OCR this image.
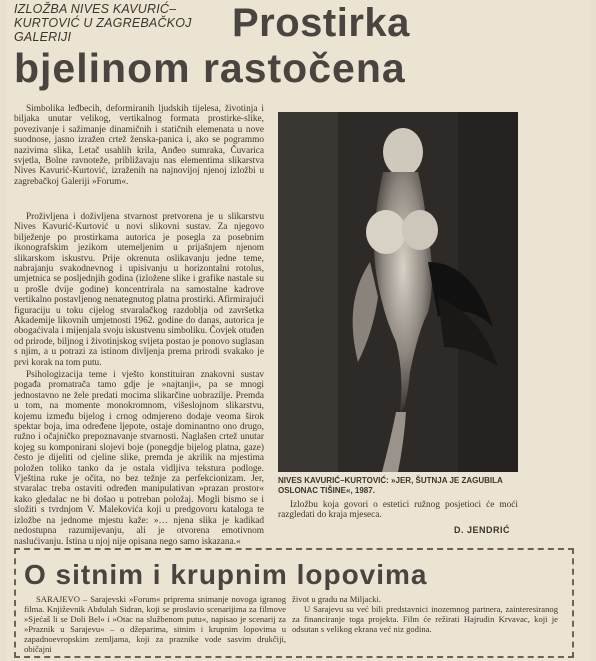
IZLOŽBA NIVES KAVURIĆ–KURTOVIĆ U ZAGREBAČKOJ GALERIJI	Prostirka
bjelinom rastočena

Simbolika leđbecih, deformiranih ljudskih tijelesa, životinja i biljaka unutar velikog, vertikalnog formata prostirke-slike, povezivanje i sažimanje dinamičnih i statičnih elemenata u nove suodnose, jasno izražen crtež ženska-panica i, ako se pogrammo nazivima slika, Letač usahlih krila, Anđeo sumraka, Čuvarica svjetla, Bolne ravnoteže, približavaju nas elementima slikarstva Nives Kavurić-Kurtović, izraženih na najnovijoj njenoj izložbi u zagrebačkoj Galeriji »Forum«.

Proživljena i doživljena stvarnost pretvorena je u slikarstvu Nives Kavurić-Kurtović u novi slikovni sustav. Za njegovo bilježenje po prostirkama autorica je posegla za posebnim ikonografskim jezikom utemeljenim u prijašnjem njenom slikarskom iskustvu. Prije okrenuta oslikavanju jedne teme, nabrajanju svakodnevnog i upisivanju u horizontalni rotolus, umjetnica se posljednjih godina (izložene slike i grafike nastale su u prošle dvije godine) koncentrirala na samostalne kadrove vertikalno postavljenog nenategnutog platna prostirki. Afirmirajući figuraciju u toku cijelog stvaralačkog razdoblja od završetka Akademije likovnih umjetnosti 1962. godine do danas, autorica je obogaćivala i mijenjala svoju iskustvenu simboliku. Čovjek otuđen od prirode, biljnog i životinjskog svijeta postao je ponovo suglasan s njim, a u potrazi za istinom divljenja prema prirodi svakako je prvi korak na tom putu.

Psihologizacija teme i vješto konstituiran znakovni sustav pogađa promatrača tamo gdje je »najtanji«, pa se mnogi jednostavno ne žele predati mocima slikarčine uobrazilje. Premda u tom, na momente monokromnom, višeslojnom slikarstvu, kojemu između bijelog i crnog odmjereno dodaje veoma širok spektar boja, ima određene ljepote, ostaje dominantno ono drugo, ružno i očajničko prepoznavanje stvarnosti. Naglašen crtež unutar kojeg su komponirani slojevi boje (ponegdje bijelog platna, gaze) često je dijeliti od cjeline slike, premda je akrilik na mjestima položen toliko tanko da je ostala vidljiva tekstura podloge. Vještina ruke je očita, no bez težnje za perfekcionizam. Jer, stvaralac treba ostaviti određen manipulativan »prazan prostor« kako gledalac ne bi došao u potreban položaj. Mogli bismo se i složiti s tvrdnjom V. Malekovića koji u predgovoru kataloga te izložbe na jednome mjestu kaže: »… njena slika je kadikad nedostupna razumijevanju, ali je otvorena emotivnom naslućivanju. Istina u njoj nije opisana nego samo iskazana.«

NIVES KAVURIĆ–KURTOVIĆ: »JER, ŠUTNJA JE ZAGUBILA OSLONAC TIŠINE«, 1987.

Izložbu koja govori o estetici ružnog posjetioci će moći razgledati do kraja mjeseca.

D. JENDRIĆ
O sitnim i krupnim lopovima

SARAJEVO – Sarajevski »Forum« priprema snimanje novoga igranog filma. Književnik Abdulah Sidran, koji se proslavio scenarijima za filmove »Sjećaš li se Doli Bel« i »Otac na službenom putu«, napisao je scenarij za »Praznik u Sarajevu« – o džeparima, sitnim i krupnim lopovima u zapadnoevropskim zemljama, koji za praznike vode sasvim drukčiji, običajni

život u gradu na Miljacki.

U Sarajevu su već bili predstavnici inozemnog partnera, zainteresiranog za financiranje toga projekta. Film će režirati Hajrudin Krvavac, koji je odsutan s velikog ekrana već niz godina.
